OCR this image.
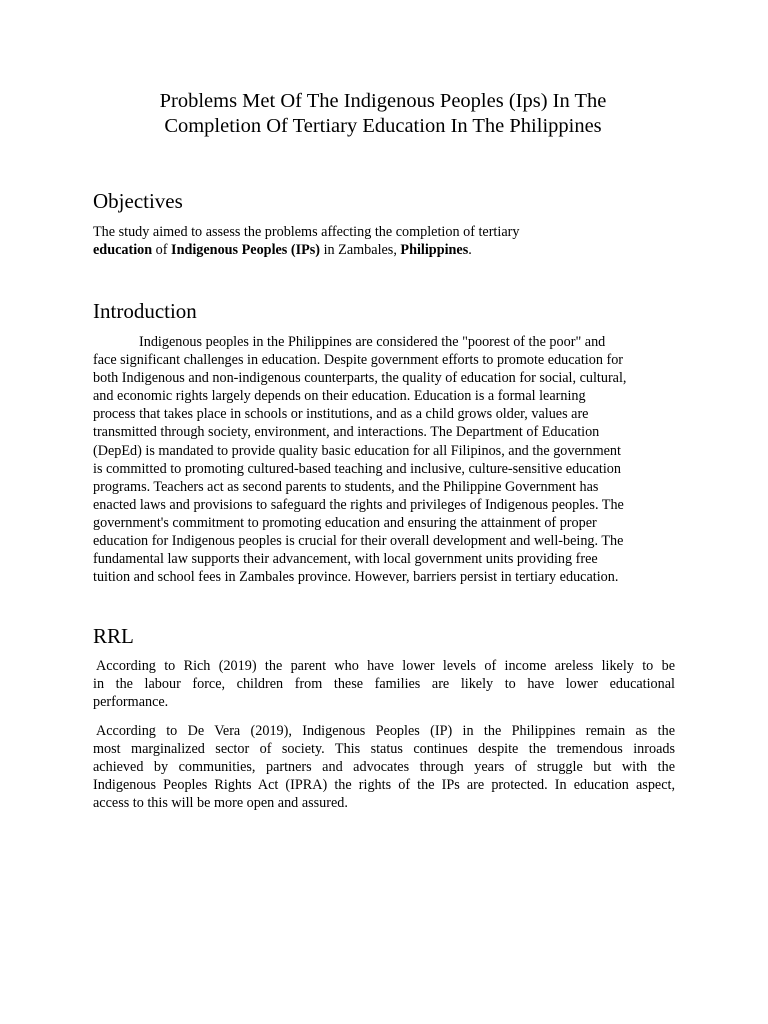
Problems Met Of The Indigenous Peoples (Ips) In The
Completion Of Tertiary Education In The Philippines
Objectives
The study aimed to assess the problems affecting the completion of tertiary
education of Indigenous Peoples (IPs) in Zambales, Philippines.
Introduction
Indigenous peoples in the Philippines are considered the "poorest of the poor" and
face significant challenges in education. Despite government efforts to promote education for
both Indigenous and non-indigenous counterparts, the quality of education for social, cultural,
and economic rights largely depends on their education. Education is a formal learning
process that takes place in schools or institutions, and as a child grows older, values are
transmitted through society, environment, and interactions. The Department of Education
(DepEd) is mandated to provide quality basic education for all Filipinos, and the government
is committed to promoting cultured-based teaching and inclusive, culture-sensitive education
programs. Teachers act as second parents to students, and the Philippine Government has
enacted laws and provisions to safeguard the rights and privileges of Indigenous peoples. The
government's commitment to promoting education and ensuring the attainment of proper
education for Indigenous peoples is crucial for their overall development and well-being. The
fundamental law supports their advancement, with local government units providing free
tuition and school fees in Zambales province. However, barriers persist in tertiary education.
RRL
According to Rich (2019) the parent who have lower levels of income areless likely to be
in the labour force, children from these families are likely to have lower educational
performance.
According to De Vera (2019), Indigenous Peoples (IP) in the Philippines remain as the
most marginalized sector of society. This status continues despite the tremendous inroads
achieved by communities, partners and advocates through years of struggle but with the
Indigenous Peoples Rights Act (IPRA) the rights of the IPs are protected. In education aspect,
access to this will be more open and assured.
